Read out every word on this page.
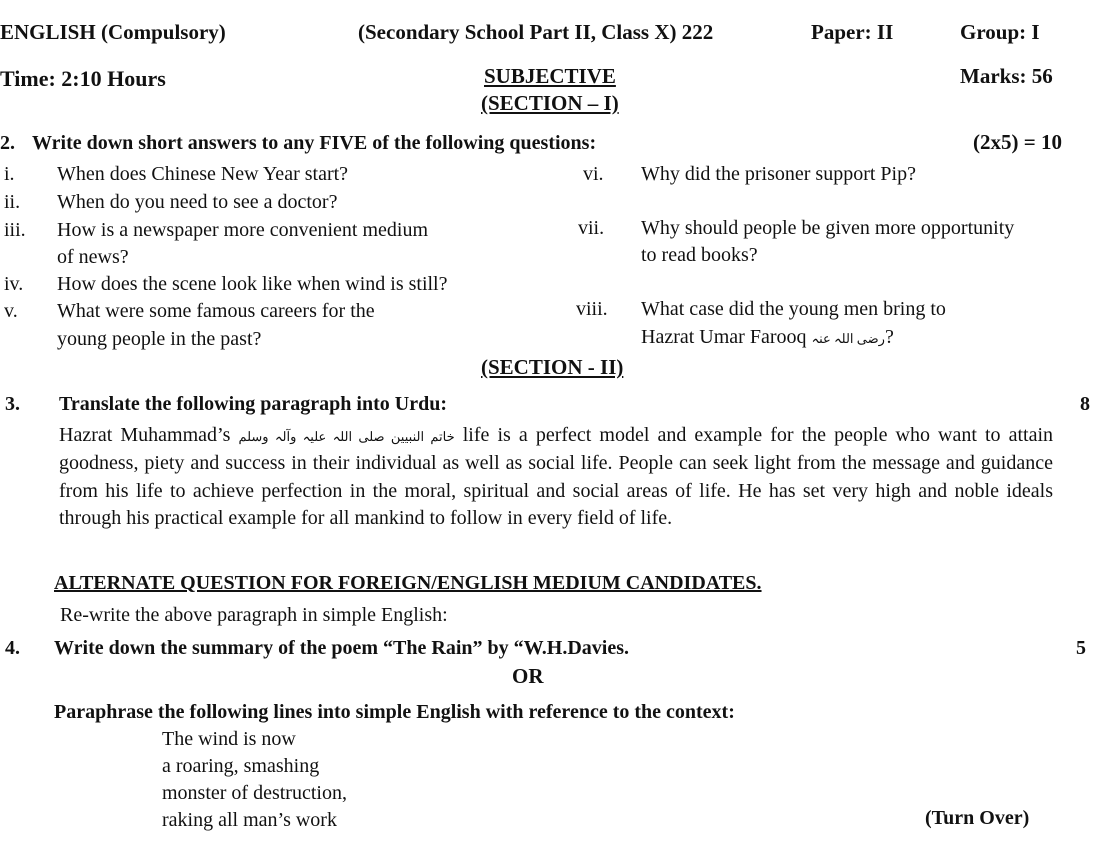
ENGLISH (Compulsory)	(Secondary School Part II, Class X) 222	Paper: II	Group: I
Time: 2:10 Hours	SUBJECTIVE
(SECTION – I)
Marks: 56
2. Write down short answers to any FIVE of the following questions:	(2x5) = 10
i. When does Chinese New Year start?
ii. When do you need to see a doctor?
iii. How is a newspaper more convenient medium
of news?
iv. How does the scene look like when wind is still?
v. What were some famous careers for the
young people in the past?
vi. Why did the prisoner support Pip?
vii. Why should people be given more opportunity
to read books?
viii. What case did the young men bring to
Hazrat Umar Farooq رضی اللہ عنہ?
(SECTION - II)
3. Translate the following paragraph into Urdu:	8
Hazrat Muhammad’s خاتم النبیین صلی اللہ علیہ وآلہ وسلم life is a perfect model and example for the people who want to attain goodness, piety and success in their individual as well as social life. People can seek light from the message and guidance from his life to achieve perfection in the moral, spiritual and social areas of life. He has set very high and noble ideals through his practical example for all mankind to follow in every field of life.
ALTERNATE QUESTION FOR FOREIGN/ENGLISH MEDIUM CANDIDATES.
Re-write the above paragraph in simple English:
4. Write down the summary of the poem “The Rain” by “W.H.Davies.	5
OR
Paraphrase the following lines into simple English with reference to the context:
The wind is now
a roaring, smashing
monster of destruction,
raking all man’s work	(Turn Over)
